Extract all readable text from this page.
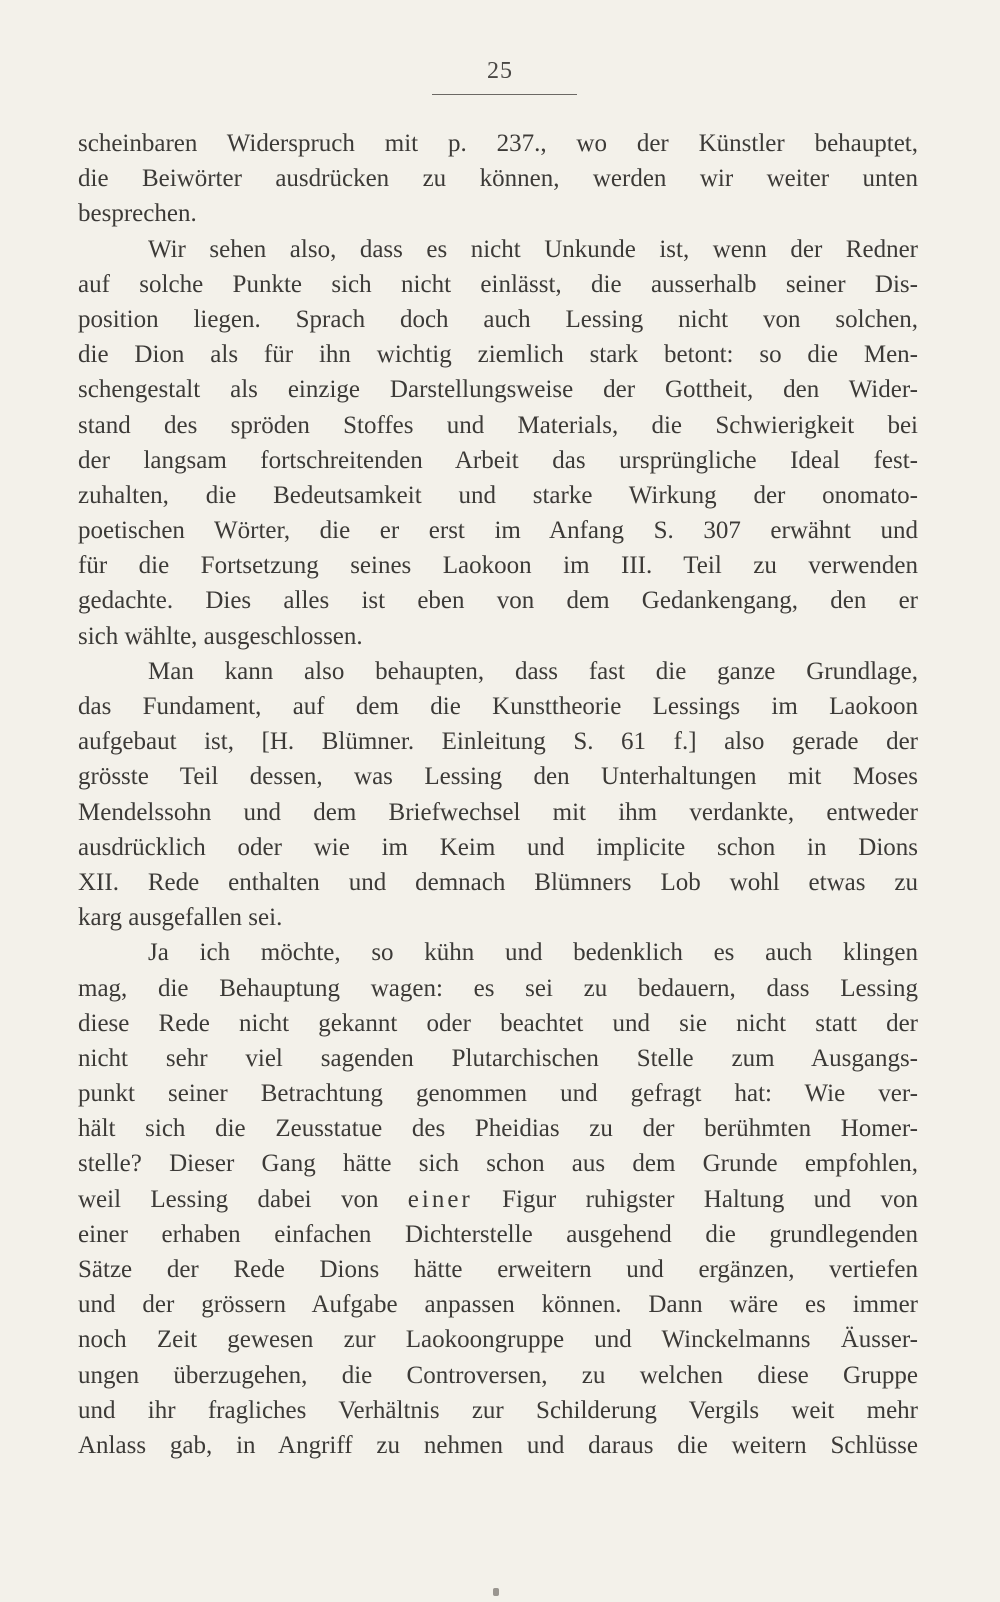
25
scheinbaren Widerspruch mit p. 237., wo der Künstler behauptet,
die Beiwörter ausdrücken zu können, werden wir weiter unten
besprechen.
Wir sehen also, dass es nicht Unkunde ist, wenn der Redner
auf solche Punkte sich nicht einlässt, die ausserhalb seiner Dis-
position liegen. Sprach doch auch Lessing nicht von solchen,
die Dion als für ihn wichtig ziemlich stark betont: so die Men-
schengestalt als einzige Darstellungsweise der Gottheit, den Wider-
stand des spröden Stoffes und Materials, die Schwierigkeit bei
der langsam fortschreitenden Arbeit das ursprüngliche Ideal fest-
zuhalten, die Bedeutsamkeit und starke Wirkung der onomato-
poetischen Wörter, die er erst im Anfang S. 307 erwähnt und
für die Fortsetzung seines Laokoon im III. Teil zu verwenden
gedachte. Dies alles ist eben von dem Gedankengang, den er
sich wählte, ausgeschlossen.
Man kann also behaupten, dass fast die ganze Grundlage,
das Fundament, auf dem die Kunsttheorie Lessings im Laokoon
aufgebaut ist, [H. Blümner. Einleitung S. 61 f.] also gerade der
grösste Teil dessen, was Lessing den Unterhaltungen mit Moses
Mendelssohn und dem Briefwechsel mit ihm verdankte, entweder
ausdrücklich oder wie im Keim und implicite schon in Dions
XII. Rede enthalten und demnach Blümners Lob wohl etwas zu
karg ausgefallen sei.
Ja ich möchte, so kühn und bedenklich es auch klingen
mag, die Behauptung wagen: es sei zu bedauern, dass Lessing
diese Rede nicht gekannt oder beachtet und sie nicht statt der
nicht sehr viel sagenden Plutarchischen Stelle zum Ausgangs-
punkt seiner Betrachtung genommen und gefragt hat: Wie ver-
hält sich die Zeusstatue des Pheidias zu der berühmten Homer-
stelle? Dieser Gang hätte sich schon aus dem Grunde empfohlen,
weil Lessing dabei von einer Figur ruhigster Haltung und von
einer erhaben einfachen Dichterstelle ausgehend die grundlegenden
Sätze der Rede Dions hätte erweitern und ergänzen, vertiefen
und der grössern Aufgabe anpassen können. Dann wäre es immer
noch Zeit gewesen zur Laokoongruppe und Winckelmanns Äusser-
ungen überzugehen, die Controversen, zu welchen diese Gruppe
und ihr fragliches Verhältnis zur Schilderung Vergils weit mehr
Anlass gab, in Angriff zu nehmen und daraus die weitern Schlüsse
